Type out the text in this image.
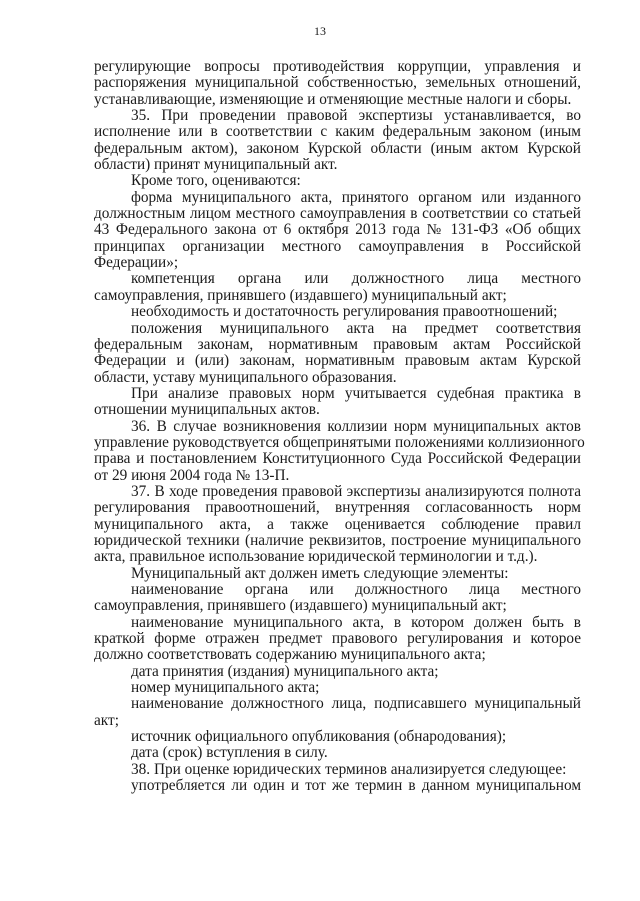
13

регулирующие вопросы противодействия коррупции, управления и

распоряжения муниципальной собственностью, земельных отношений,

устанавливающие, изменяющие и отменяющие местные налоги и сборы.

35. При проведении правовой экспертизы устанавливается, во

исполнение или в соответствии с каким федеральным законом (иным

федеральным актом), законом Курской области (иным актом Курской

области) принят муниципальный акт.

Кроме того, оцениваются:

форма муниципального акта, принятого органом или изданного

должностным лицом местного самоуправления в соответствии со статьей

43 Федерального закона от 6 октября 2013 года № 131-ФЗ «Об общих

принципах организации местного самоуправления в Российской

Федерации»;

компетенция органа или должностного лица местного

самоуправления, принявшего (издавшего) муниципальный акт;

необходимость и достаточность регулирования правоотношений;

положения муниципального акта на предмет соответствия

федеральным законам, нормативным правовым актам Российской

Федерации и (или) законам, нормативным правовым актам Курской

области, уставу муниципального образования.

При анализе правовых норм учитывается судебная практика в

отношении муниципальных актов.

36. В случае возникновения коллизии норм муниципальных актов

управление руководствуется общепринятыми положениями коллизионного

права и постановлением Конституционного Суда Российской Федерации

от 29 июня 2004 года № 13-П.

37. В ходе проведения правовой экспертизы анализируются полнота

регулирования правоотношений, внутренняя согласованность норм

муниципального акта, а также оценивается соблюдение правил

юридической техники (наличие реквизитов, построение муниципального

акта, правильное использование юридической терминологии и т.д.).

Муниципальный акт должен иметь следующие элементы:

наименование органа или должностного лица местного

самоуправления, принявшего (издавшего) муниципальный акт;

наименование муниципального акта, в котором должен быть в

краткой форме отражен предмет правового регулирования и которое

должно соответствовать содержанию муниципального акта;

дата принятия (издания) муниципального акта;

номер муниципального акта;

наименование должностного лица, подписавшего муниципальный

акт;

источник официального опубликования (обнародования);

дата (срок) вступления в силу.

38. При оценке юридических терминов анализируется следующее:

употребляется ли один и тот же термин в данном муниципальном
